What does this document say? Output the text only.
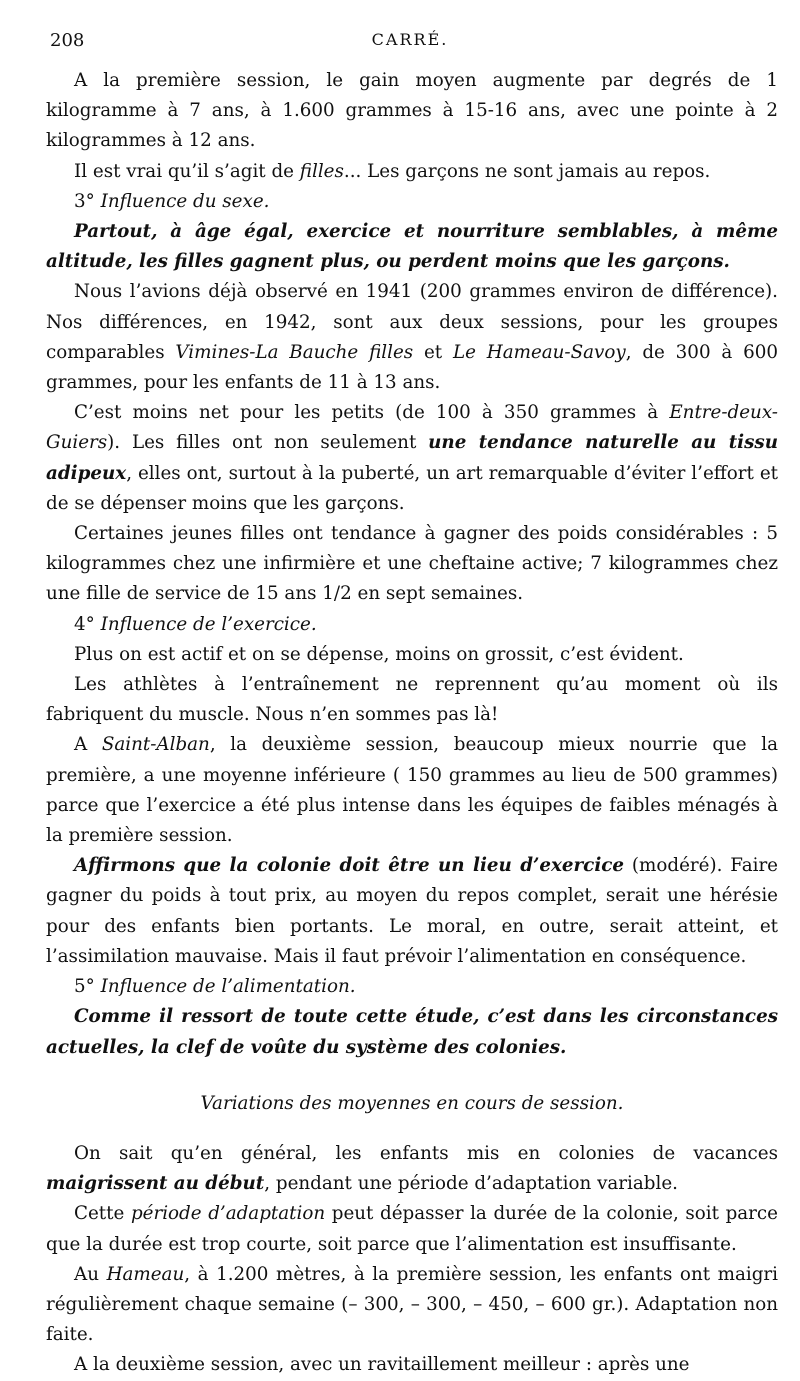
208	CARRÉ.

A la première session, le gain moyen augmente par degrés de 1 kilogramme à 7 ans, à 1.600 grammes à 15-16 ans, avec une pointe à 2 kilogrammes à 12 ans.

Il est vrai qu’il s’agit de filles... Les garçons ne sont jamais au repos.

3° Influence du sexe.

Partout, à âge égal, exercice et nourriture semblables, à même altitude, les filles gagnent plus, ou perdent moins que les garçons.

Nous l’avions déjà observé en 1941 (200 grammes environ de différence). Nos différences, en 1942, sont aux deux sessions, pour les groupes comparables Vimines-La Bauche filles et Le Hameau-Savoy, de 300 à 600 grammes, pour les enfants de 11 à 13 ans.

C’est moins net pour les petits (de 100 à 350 grammes à Entre-deux-Guiers). Les filles ont non seulement une tendance naturelle au tissu adipeux, elles ont, surtout à la puberté, un art remarquable d’éviter l’effort et de se dépenser moins que les garçons.

Certaines jeunes filles ont tendance à gagner des poids considérables : 5 kilogrammes chez une infirmière et une cheftaine active; 7 kilogrammes chez une fille de service de 15 ans 1/2 en sept semaines.

4° Influence de l’exercice.

Plus on est actif et on se dépense, moins on grossit, c’est évident.

Les athlètes à l’entraînement ne reprennent qu’au moment où ils fabriquent du muscle. Nous n’en sommes pas là!

A Saint-Alban, la deuxième session, beaucoup mieux nourrie que la première, a une moyenne inférieure ( 150 grammes au lieu de 500 grammes) parce que l’exercice a été plus intense dans les équipes de faibles ménagés à la première session.

Affirmons que la colonie doit être un lieu d’exercice (modéré). Faire gagner du poids à tout prix, au moyen du repos complet, serait une hérésie pour des enfants bien portants. Le moral, en outre, serait atteint, et l’assimilation mauvaise. Mais il faut prévoir l’alimentation en conséquence.

5° Influence de l’alimentation.

Comme il ressort de toute cette étude, c’est dans les circonstances actuelles, la clef de voûte du système des colonies.

Variations des moyennes en cours de session.

On sait qu’en général, les enfants mis en colonies de vacances maigrissent au début, pendant une période d’adaptation variable.

Cette période d’adaptation peut dépasser la durée de la colonie, soit parce que la durée est trop courte, soit parce que l’alimentation est insuffisante.

Au Hameau, à 1.200 mètres, à la première session, les enfants ont maigri régulièrement chaque semaine (– 300, – 300, – 450, – 600 gr.). Adaptation non faite.

A la deuxième session, avec un ravitaillement meilleur : après une
